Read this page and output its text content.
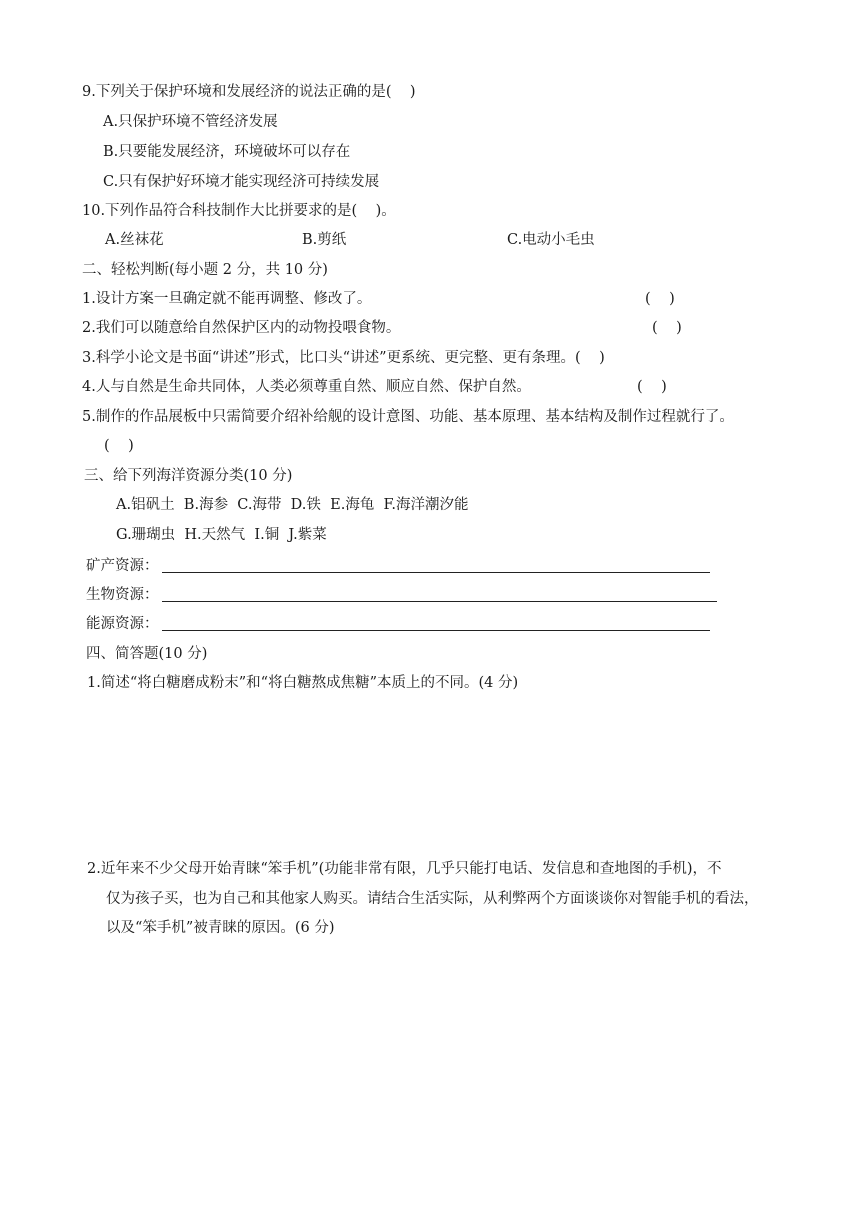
9.下列关于保护环境和发展经济的说法正确的是(    )
A.只保护环境不管经济发展
B.只要能发展经济，环境破坏可以存在
C.只有保护好环境才能实现经济可持续发展
10.下列作品符合科技制作大比拼要求的是(    )。
A.丝袜花	B.剪纸	C.电动小毛虫
二、轻松判断(每小题 2 分，共 10 分)
1.设计方案一旦确定就不能再调整、修改了。	(    )
2.我们可以随意给自然保护区内的动物投喂食物。	(    )
3.科学小论文是书面“讲述”形式，比口头“讲述”更系统、更完整、更有条理。(    )
4.人与自然是生命共同体，人类必须尊重自然、顺应自然、保护自然。	(    )
5.制作的作品展板中只需简要介绍补给舰的设计意图、功能、基本原理、基本结构及制作过程就行了。
(    )
三、给下列海洋资源分类(10 分)
A.铝矾土  B.海参  C.海带  D.铁  E.海龟  F.海洋潮汐能
G.珊瑚虫  H.天然气  I.铜  J.紫菜
矿产资源：
生物资源：
能源资源：
四、简答题(10 分)
1.简述“将白糖磨成粉末”和“将白糖熬成焦糖”本质上的不同。(4 分)
2.近年来不少父母开始青睐“笨手机”(功能非常有限，几乎只能打电话、发信息和查地图的手机)，不
仅为孩子买，也为自己和其他家人购买。请结合生活实际，从利弊两个方面谈谈你对智能手机的看法，
以及“笨手机”被青睐的原因。(6 分)
